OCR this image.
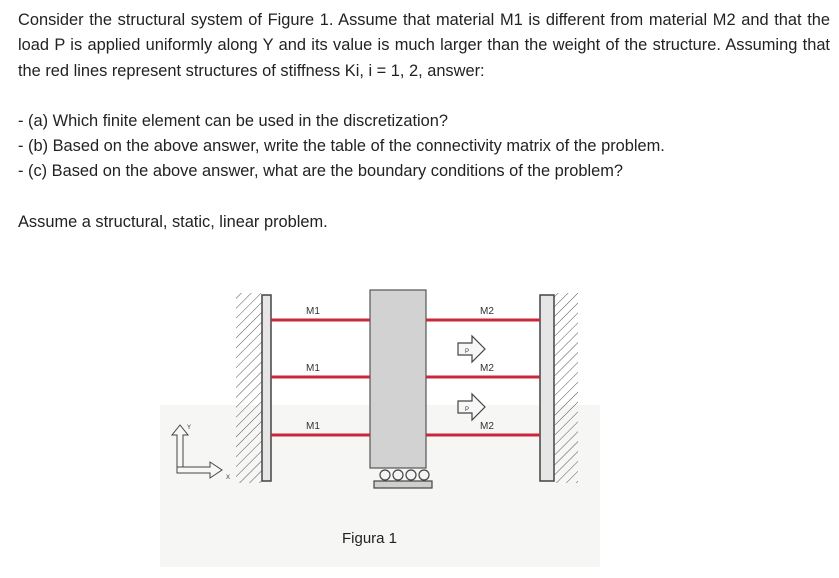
Consider the structural system of Figure 1. Assume that material M1 is different from material M2 and that the load P is applied uniformly along Y and its value is much larger than the weight of the structure. Assuming that the red lines represent structures of stiffness Ki, i = 1, 2, answer:

- (a) Which finite element can be used in the discretization?

- (b) Based on the above answer, write the table of the connectivity matrix of the problem.

- (c) Based on the above answer, what are the boundary conditions of the problem?

Assume a structural, static, linear problem.

M1
M1
M1
M2
M2
M2
P
P
Y
X
Figura 1
